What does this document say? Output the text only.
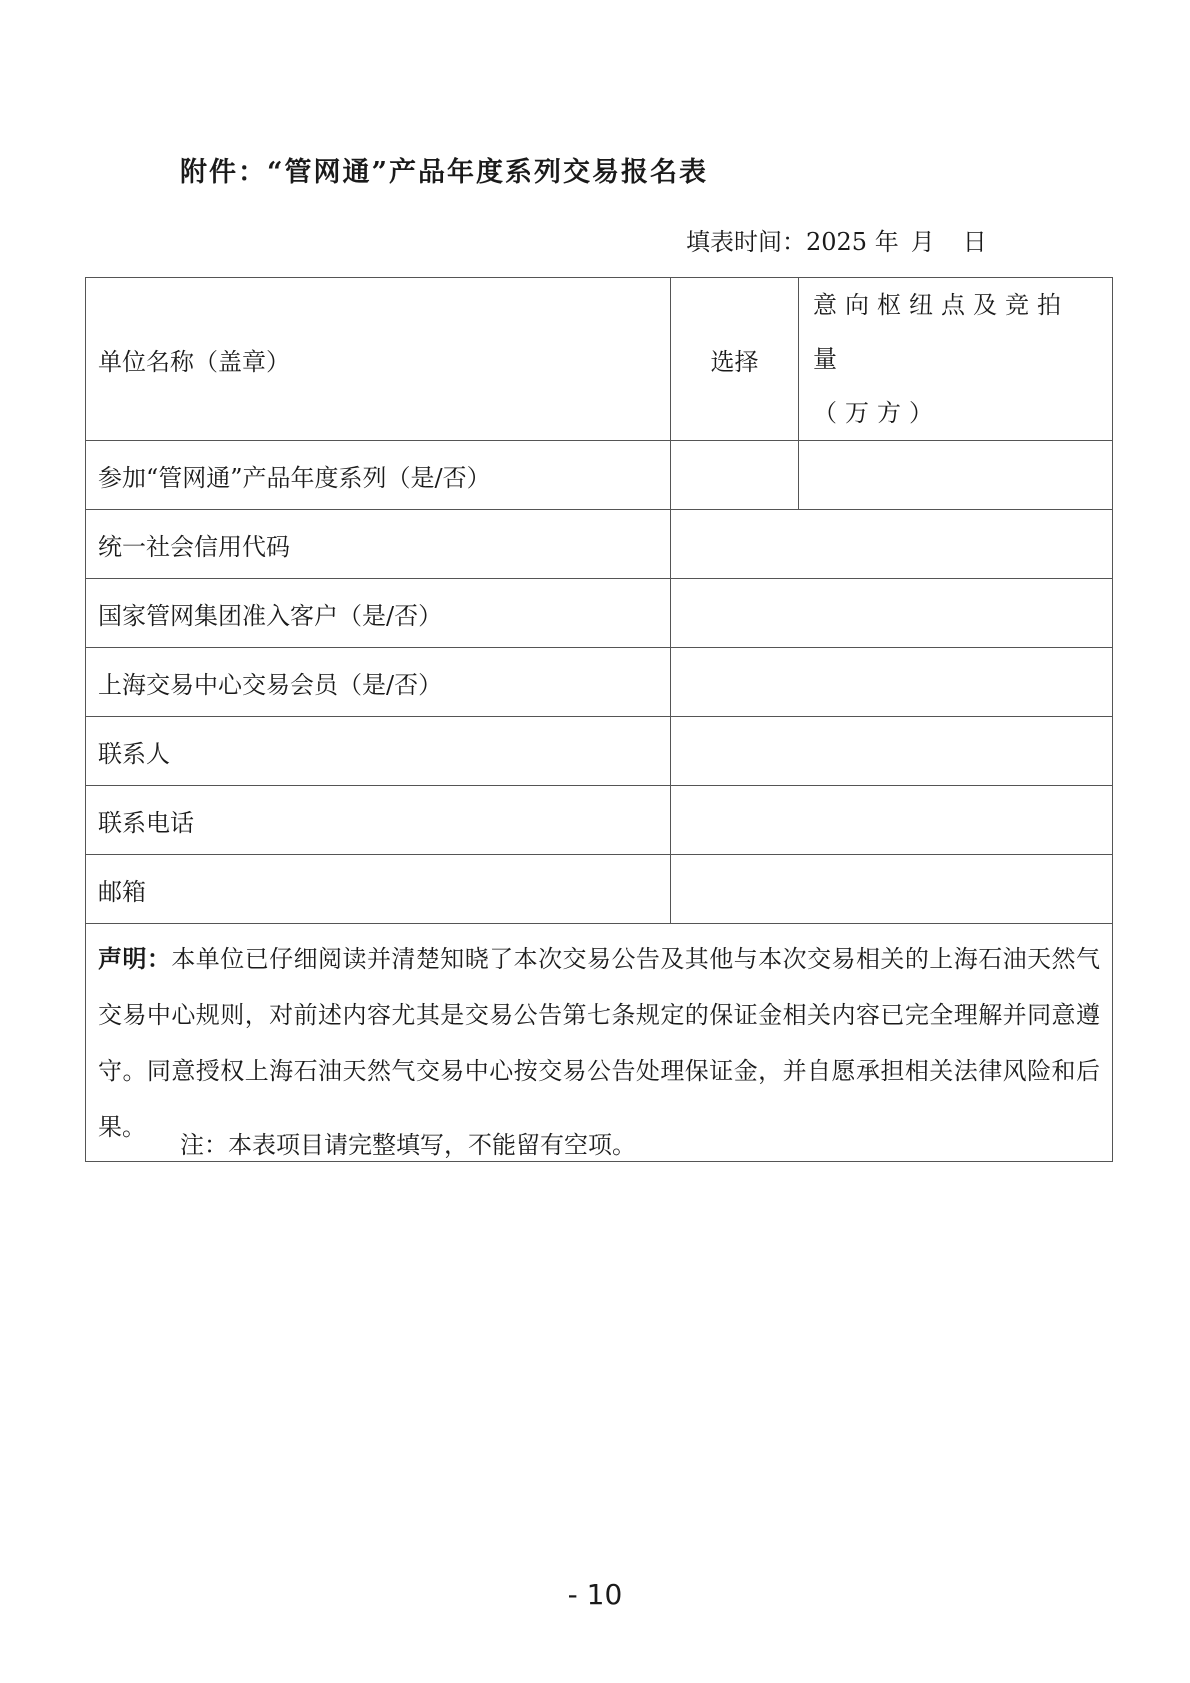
附件：“管网通”产品年度系列交易报名表
填表时间：2025 年 月 日
单位名称（盖章）	选择	意向枢纽点及竞拍量
（万方）

参加“管网通”产品年度系列（是/否）		
统一社会信用代码		
国家管网集团准入客户（是/否）		
上海交易中心交易会员（是/否）		
联系人		
联系电话		
邮箱		
声明：本单位已仔细阅读并清楚知晓了本次交易公告及其他与本次交易相关的上海石油天然气交易中心规则，对前述内容尤其是交易公告第七条规定的保证金相关内容已完全理解并同意遵守。同意授权上海石油天然气交易中心按交易公告处理保证金，并自愿承担相关法律风险和后果。		
注：本表项目请完整填写，不能留有空项。
- 10
